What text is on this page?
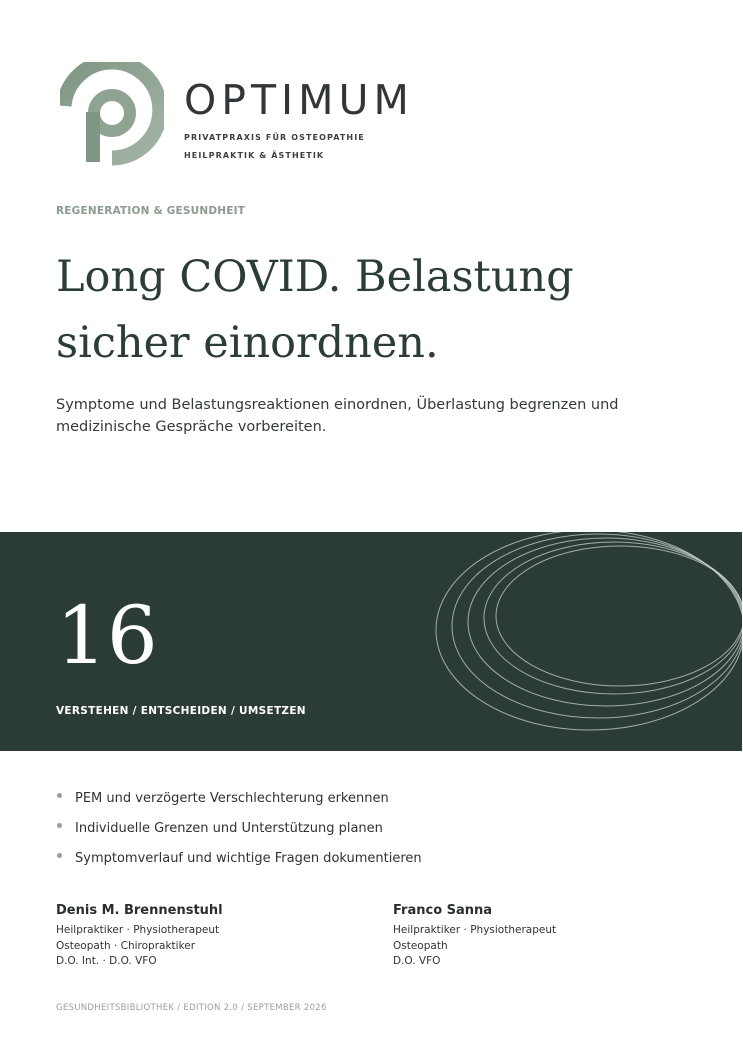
OPTIMUM
PRIVATPRAXIS FÜR OSTEOPATHIE
HEILPRAKTIK & ÄSTHETIK
REGENERATION & GESUNDHEIT
Long COVID. Belastung
sicher einordnen.
Symptome und Belastungsreaktionen einordnen, Überlastung begrenzen und medizinische Gespräche vorbereiten.
16
VERSTEHEN / ENTSCHEIDEN / UMSETZEN
PEM und verzögerte Verschlechterung erkennen
Individuelle Grenzen und Unterstützung planen
Symptomverlauf und wichtige Fragen dokumentieren
Denis M. Brennenstuhl
Heilpraktiker · Physiotherapeut
Osteopath · Chiropraktiker
D.O. Int. · D.O. VFO
Franco Sanna
Heilpraktiker · Physiotherapeut
Osteopath
D.O. VFO
GESUNDHEITSBIBLIOTHEK / EDITION 2.0 / SEPTEMBER 2026
